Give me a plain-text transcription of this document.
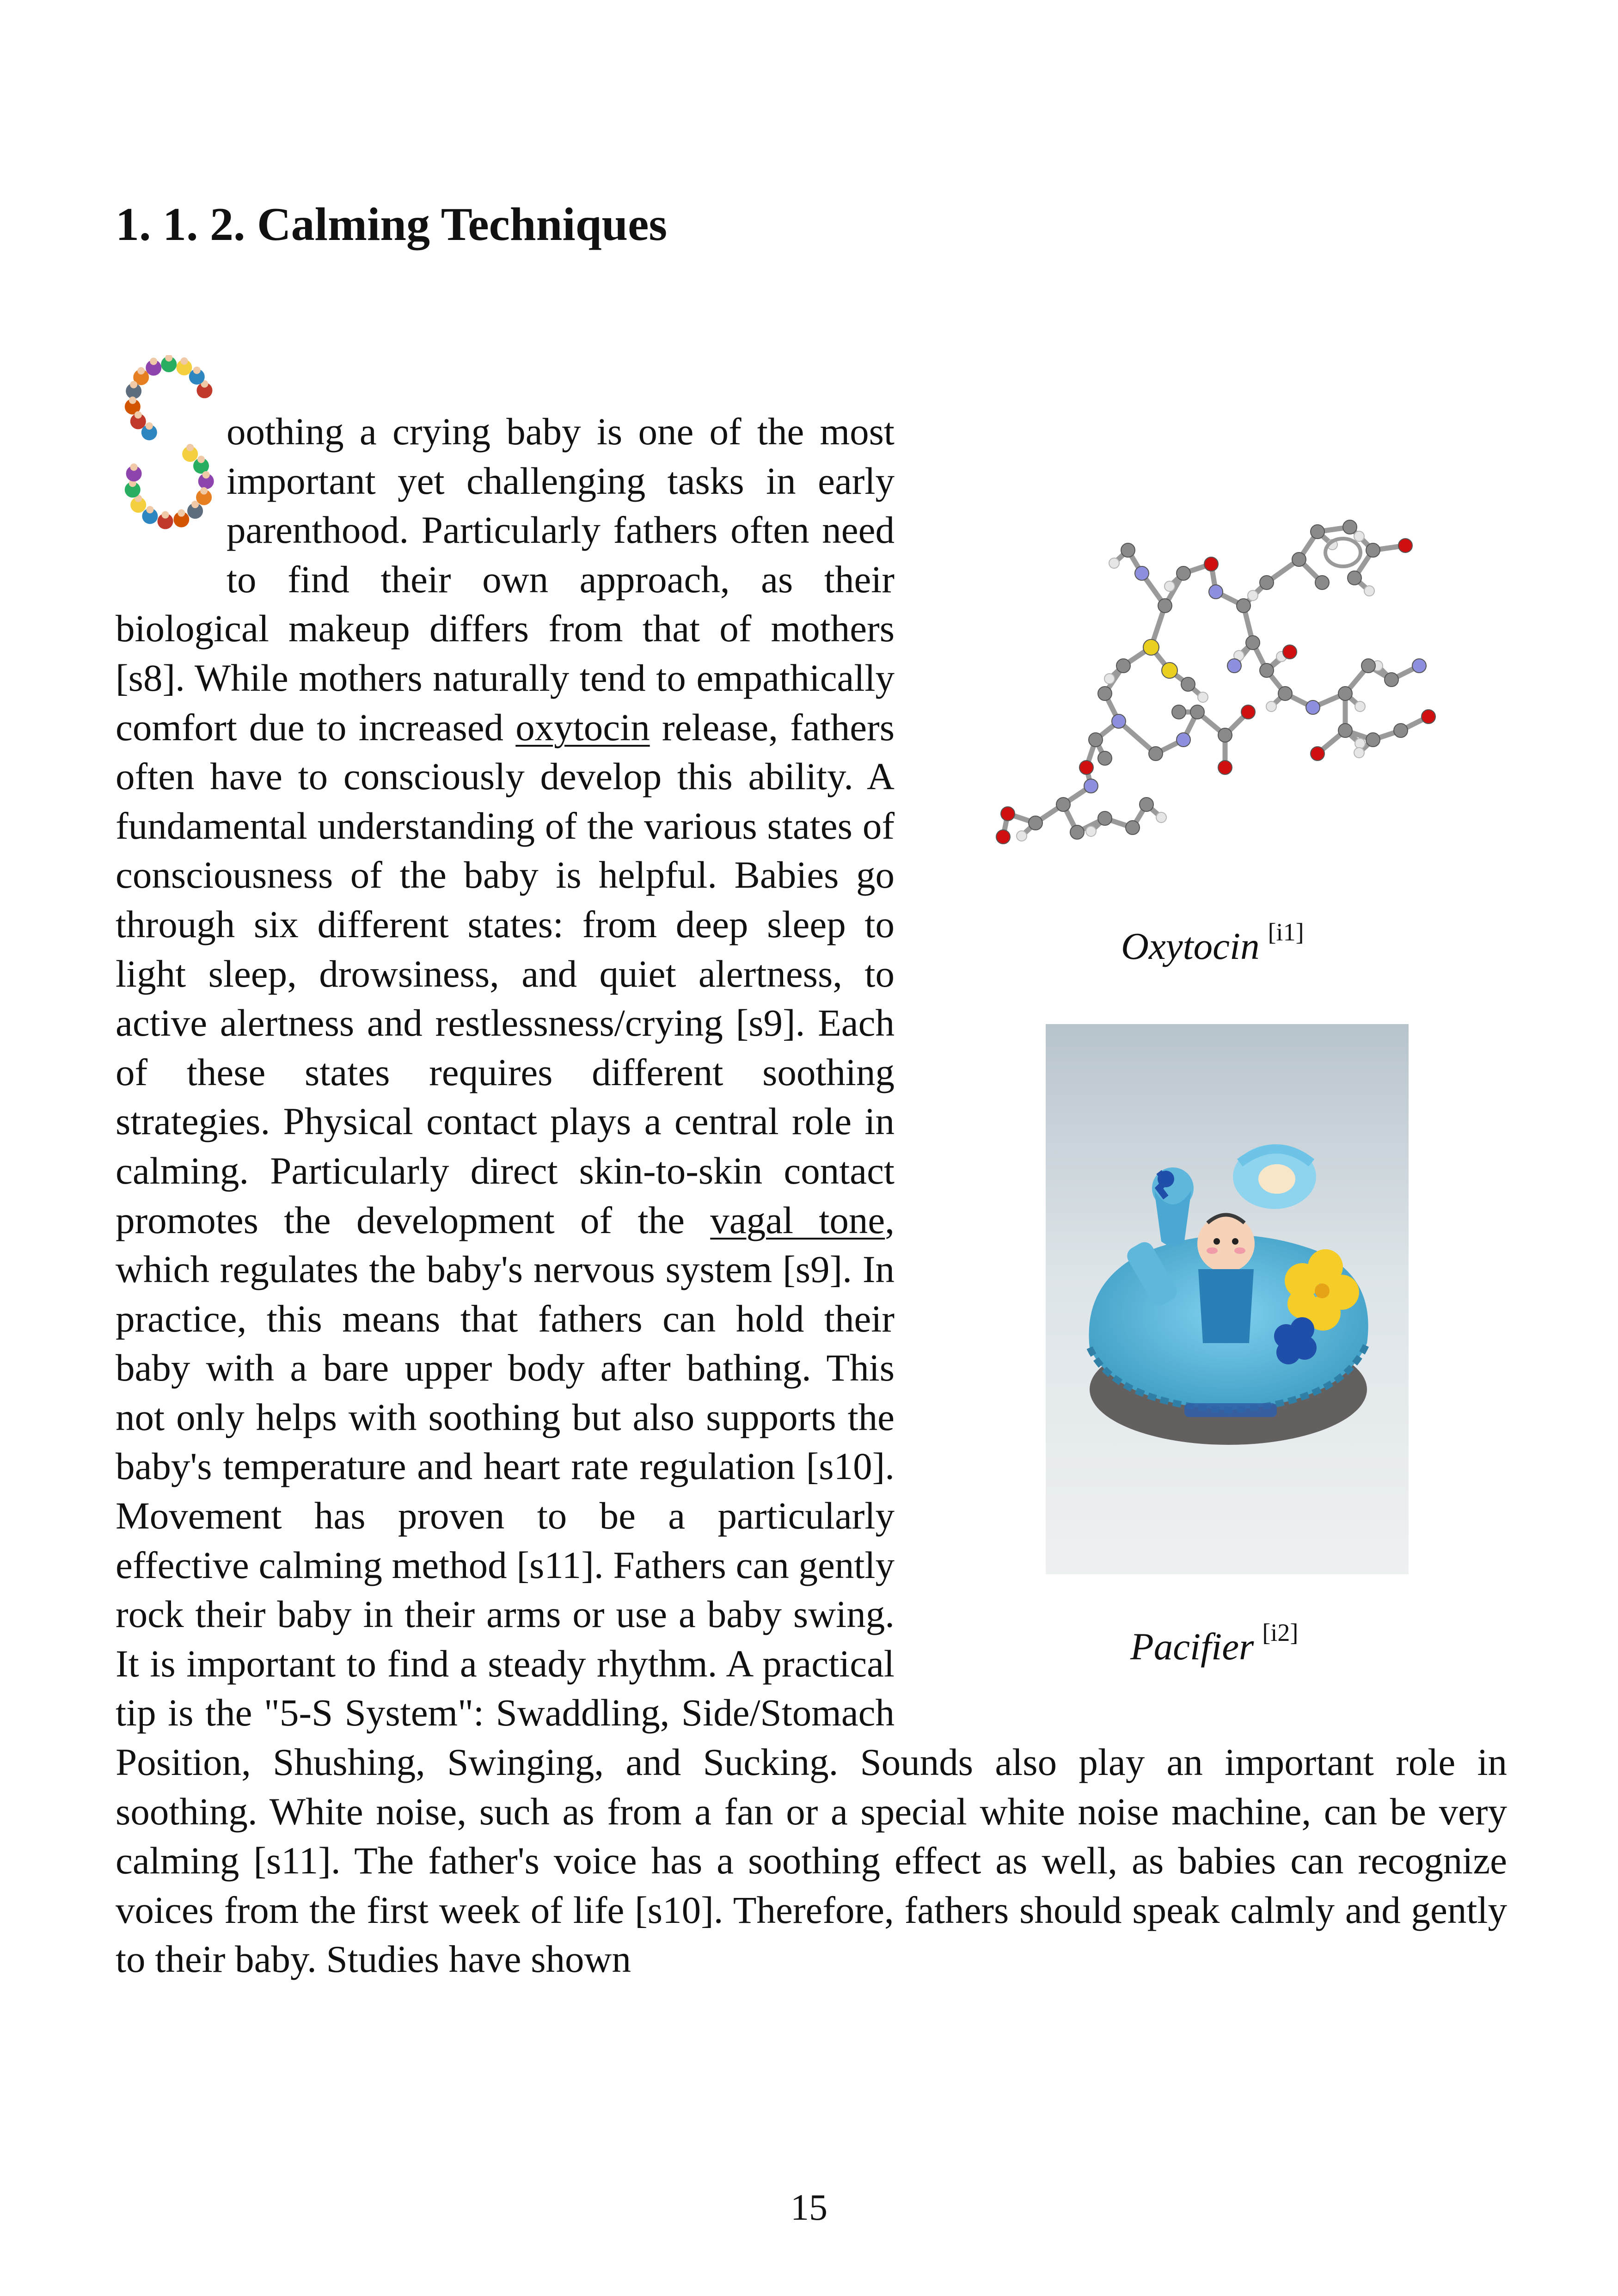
1. 1. 2. Calming Techniques

oothing a crying baby is one of the most important yet challenging tasks in early parenthood. Particularly fathers often need to find their own approach, as their biological makeup differs from that of mothers [s8]. While mothers naturally tend to empathically comfort due to increased oxytocin release, fathers often have to consciously develop this ability. A fundamental understanding of the various states of consciousness of the baby is helpful. Babies go through six different states: from deep sleep to light sleep, drowsiness, and quiet alertness, to active alertness and restlessness/crying [s9]. Each of these states requires different soothing strategies. Physical contact plays a central role in calming. Particularly direct skin-to-skin contact promotes the development of the vagal tone, which regulates the baby's nervous system [s9]. In practice, this means that fathers can hold their baby with a bare upper body after bathing. This not only helps with soothing but also supports the baby's temperature and heart rate regulation [s10]. Movement has proven to be a particularly effective calming method [s11]. Fathers can gently rock their baby in their arms or use a baby swing. It is important to find a steady rhythm. A practical tip is the "5-S System": Swaddling, Side/Stomach Position, Shushing, Swinging, and Sucking. Sounds also play an important role in soothing. White noise, such as from a fan or a special white noise machine, can be very calming [s11]. The father's voice has a soothing effect as well, as babies can recognize voices from the first week of life [s10]. Therefore, fathers should speak calmly and gently to their baby. Studies have shown

Oxytocin [i1]
Pacifier [i2]
15
